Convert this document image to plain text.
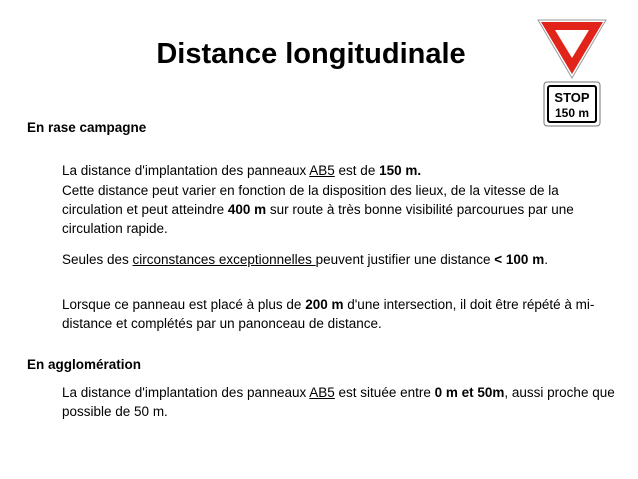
Distance longitudinale
STOP
150 m
En rase campagne

La distance d'implantation des panneaux AB5 est de 150 m.

Cette distance peut varier en fonction de la disposition des lieux, de la vitesse de la circulation et peut atteindre 400 m sur route à très bonne visibilité parcourues par une circulation rapide.

Seules des circonstances exceptionnelles peuvent justifier une distance < 100 m.

Lorsque ce panneau est placé à plus de 200 m d'une intersection, il doit être répété à mi-distance et complétés par un panonceau de distance.

En agglomération

La distance d'implantation des panneaux AB5 est située entre 0 m et 50m, aussi proche que possible de 50 m.
